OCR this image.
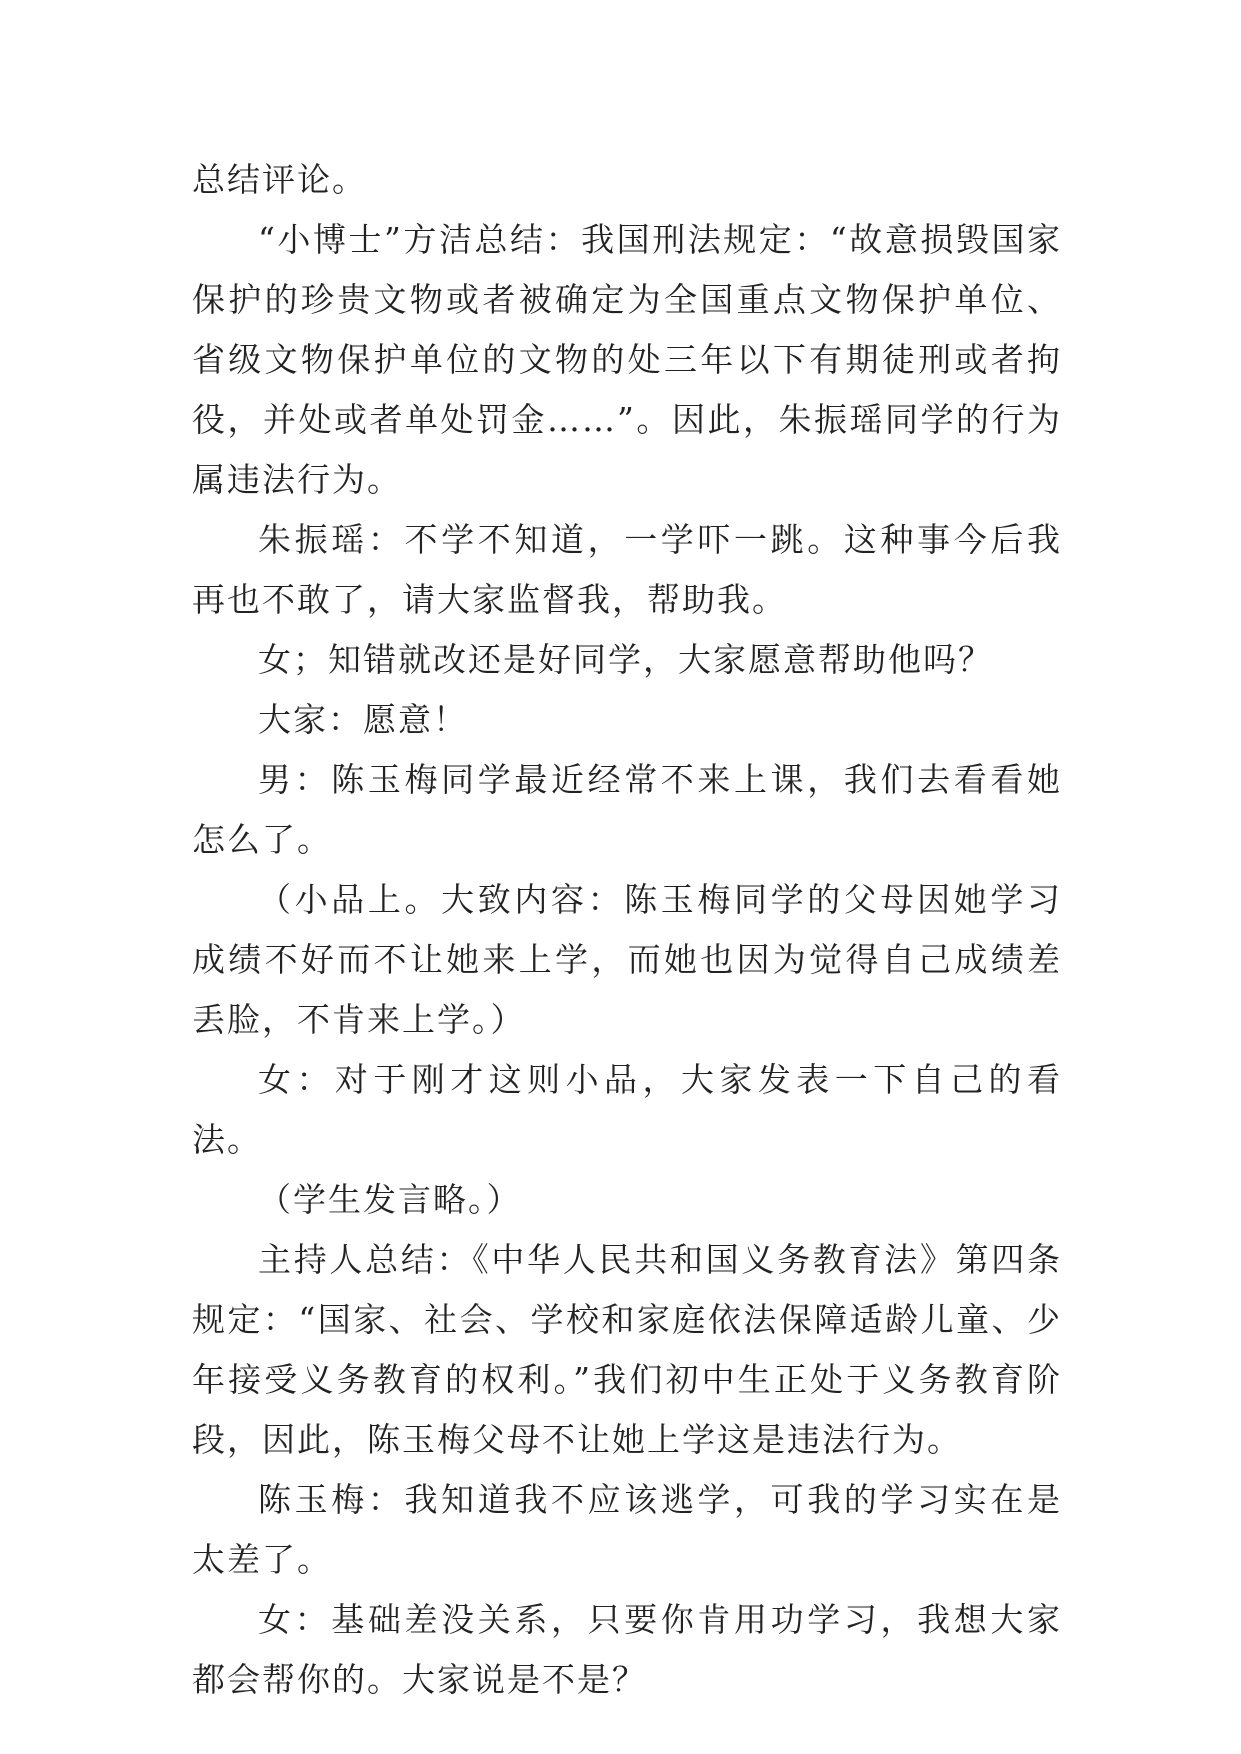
总结评论。

“小博士”方洁总结：我国刑法规定：“故意损毁国家保护的珍贵文物或者被确定为全国重点文物保护单位、省级文物保护单位的文物的处三年以下有期徒刑或者拘役，并处或者单处罚金……”。因此，朱振瑶同学的行为属违法行为。

朱振瑶：不学不知道，一学吓一跳。这种事今后我再也不敢了，请大家监督我，帮助我。

女；知错就改还是好同学，大家愿意帮助他吗？

大家：愿意！

男：陈玉梅同学最近经常不来上课，我们去看看她怎么了。

（小品上。大致内容：陈玉梅同学的父母因她学习成绩不好而不让她来上学，而她也因为觉得自己成绩差丢脸，不肯来上学。）

女：对于刚才这则小品，大家发表一下自己的看法。

（学生发言略。）

主持人总结：《中华人民共和国义务教育法》第四条规定：“国家、社会、学校和家庭依法保障适龄儿童、少年接受义务教育的权利。”我们初中生正处于义务教育阶段，因此，陈玉梅父母不让她上学这是违法行为。

陈玉梅：我知道我不应该逃学，可我的学习实在是太差了。

女：基础差没关系，只要你肯用功学习，我想大家都会帮你的。大家说是不是？
